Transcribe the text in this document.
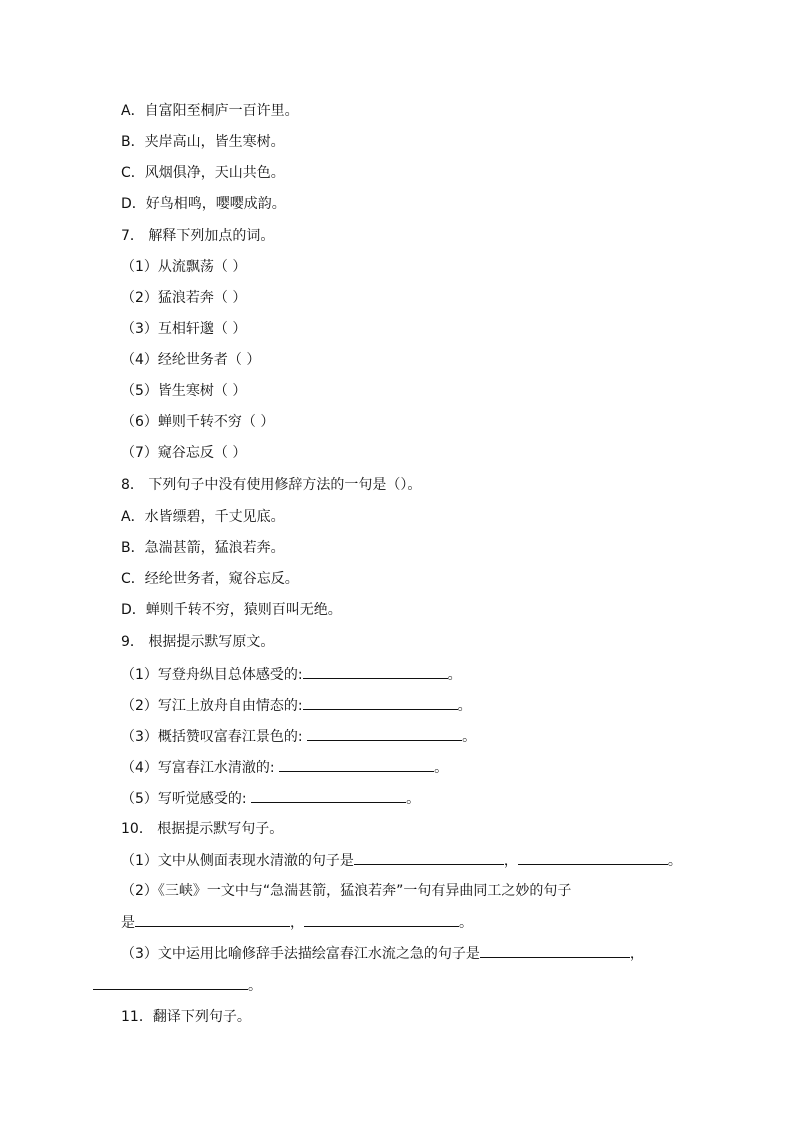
A．自富阳至桐庐一百许里。
B．夹岸高山，皆生寒树。
C．风烟俱净，天山共色。
D．好鸟相鸣，嘤嘤成韵。
7． 解释下列加点的词。
（1）从流飘荡（ ）
（2）猛浪若奔（ ）
（3）互相轩邈（ ）
（4）经纶世务者（ ）
（5）皆生寒树（ ）
（6）蝉则千转不穷（ ）
（7）窥谷忘反（ ）
8． 下列句子中没有使用修辞方法的一句是（）。
A．水皆缥碧，千丈见底。
B．急湍甚箭，猛浪若奔。
C．经纶世务者，窥谷忘反。
D．蝉则千转不穷，猿则百叫无绝。
9． 根据提示默写原文。
（1）写登舟纵目总体感受的:	。
（2）写江上放舟自由情态的:	。
（3）概括赞叹富春江景色的:	。
（4）写富春江水清澈的:	。
（5）写听觉感受的:	。
10． 根据提示默写句子。
（1）文中从侧面表现水清澈的句子是	，	。
（2）《三峡》一文中与“急湍甚箭，猛浪若奔”一句有异曲同工之妙的句子
是	，	。
（3）文中运用比喻修辞手法描绘富春江水流之急的句子是	，
。
11．翻译下列句子。
